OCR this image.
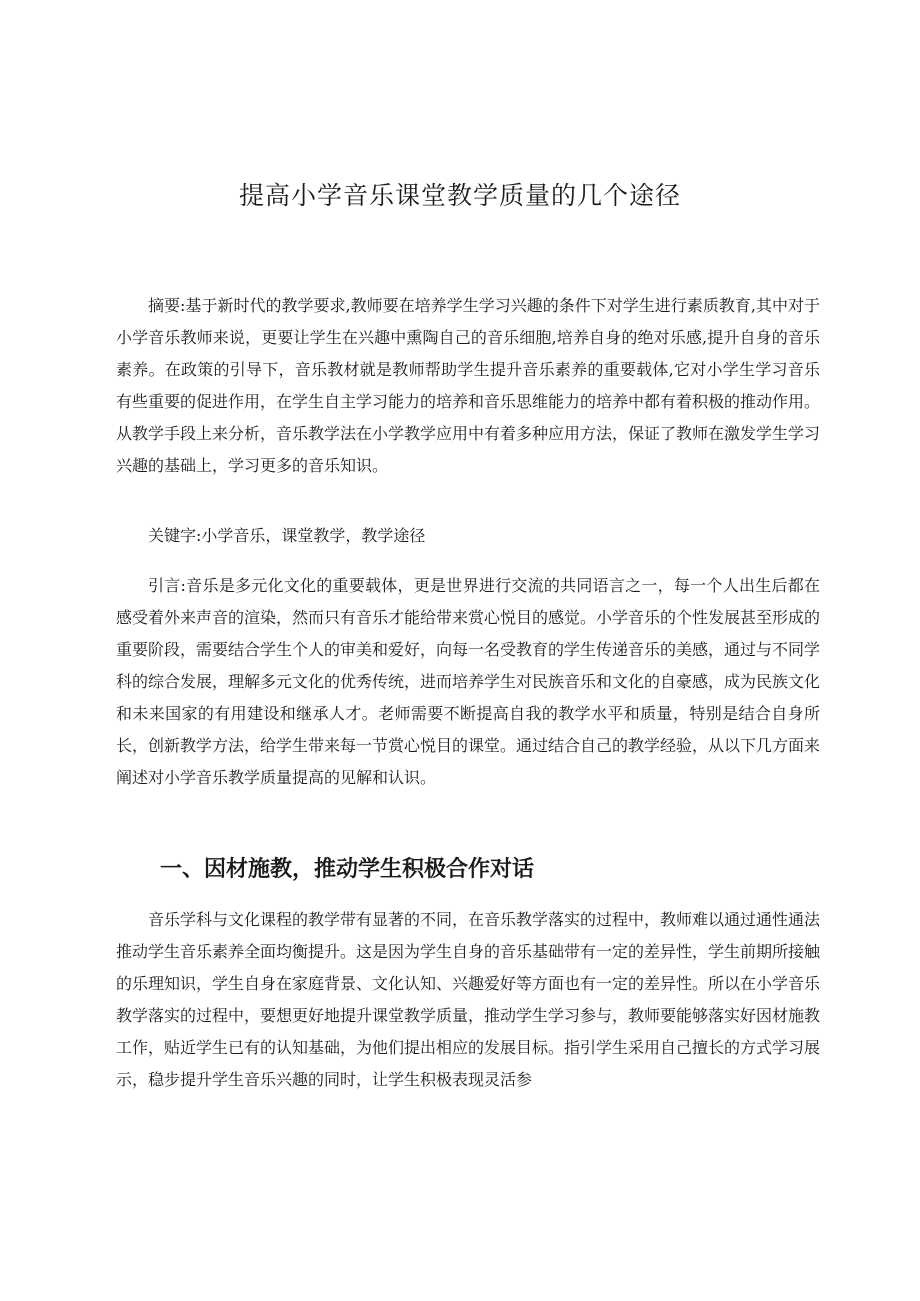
提高小学音乐课堂教学质量的几个途径

摘要:基于新时代的教学要求,教师要在培养学生学习兴趣的条件下对学生进行素质教育,其中对于小学音乐教师来说，更要让学生在兴趣中熏陶自己的音乐细胞,培养自身的绝对乐感,提升自身的音乐素养。在政策的引导下，音乐教材就是教师帮助学生提升音乐素养的重要载体,它对小学生学习音乐有些重要的促进作用，在学生自主学习能力的培养和音乐思维能力的培养中都有着积极的推动作用。从教学手段上来分析，音乐教学法在小学教学应用中有着多种应用方法，保证了教师在激发学生学习兴趣的基础上，学习更多的音乐知识。

关键字:小学音乐，课堂教学，教学途径

引言:音乐是多元化文化的重要载体，更是世界进行交流的共同语言之一，每一个人出生后都在感受着外来声音的渲染，然而只有音乐才能给带来赏心悦目的感觉。小学音乐的个性发展甚至形成的重要阶段，需要结合学生个人的审美和爱好，向每一名受教育的学生传递音乐的美感，通过与不同学科的综合发展，理解多元文化的优秀传统，进而培养学生对民族音乐和文化的自豪感，成为民族文化和未来国家的有用建设和继承人才。老师需要不断提高自我的教学水平和质量，特别是结合自身所长，创新教学方法，给学生带来每一节赏心悦目的课堂。通过结合自己的教学经验，从以下几方面来阐述对小学音乐教学质量提高的见解和认识。

一、因材施教，推动学生积极合作对话

音乐学科与文化课程的教学带有显著的不同，在音乐教学落实的过程中，教师难以通过通性通法推动学生音乐素养全面均衡提升。这是因为学生自身的音乐基础带有一定的差异性，学生前期所接触的乐理知识，学生自身在家庭背景、文化认知、兴趣爱好等方面也有一定的差异性。所以在小学音乐教学落实的过程中，要想更好地提升课堂教学质量，推动学生学习参与，教师要能够落实好因材施教工作，贴近学生已有的认知基础，为他们提出相应的发展目标。指引学生采用自己擅长的方式学习展示，稳步提升学生音乐兴趣的同时，让学生积极表现灵活参
